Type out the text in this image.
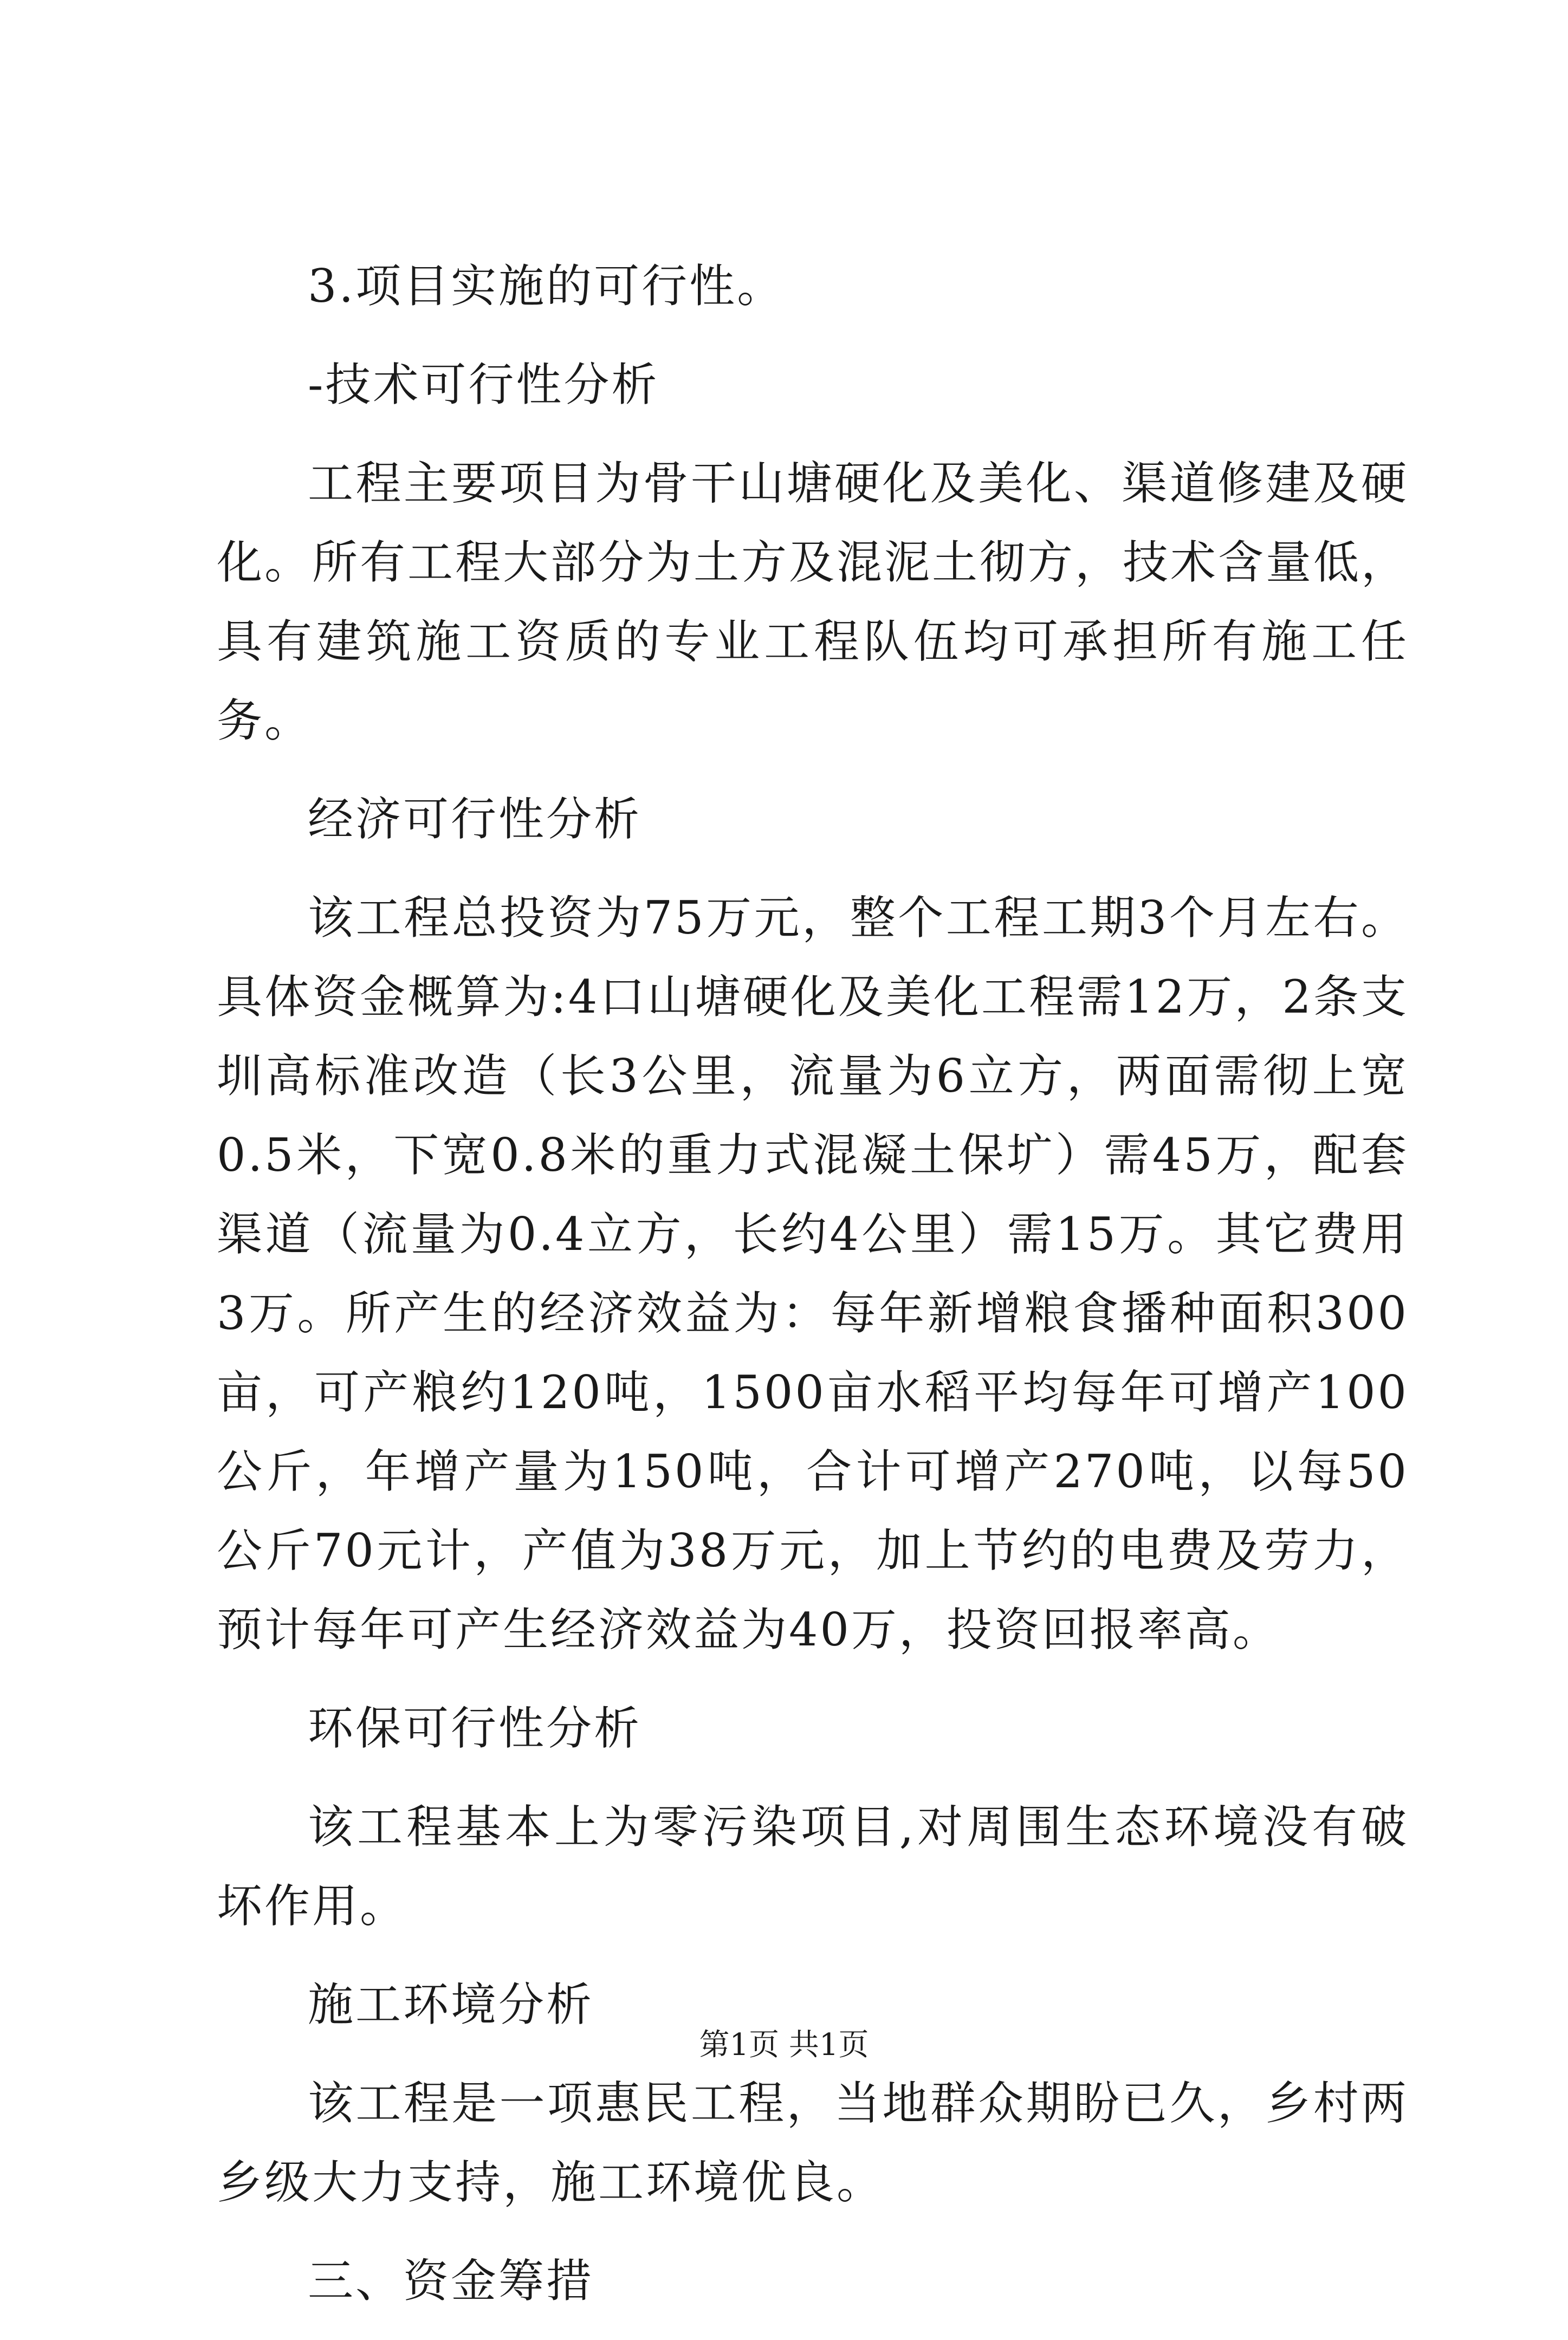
3.项目实施的可行性。

-技术可行性分析

工程主要项目为骨干山塘硬化及美化、渠道修建及硬化。所有工程大部分为土方及混泥土彻方，技术含量低，具有建筑施工资质的专业工程队伍均可承担所有施工任务。

经济可行性分析

该工程总投资为75万元，整个工程工期3个月左右。具体资金概算为:4口山塘硬化及美化工程需12万，2条支圳高标准改造（长3公里，流量为6立方，两面需彻上宽0.5米，下宽0.8米的重力式混凝土保圹）需45万，配套渠道（流量为0.4立方，长约4公里）需15万。其它费用3万。所产生的经济效益为：每年新增粮食播种面积300亩，可产粮约120吨，1500亩水稻平均每年可增产100公斤，年增产量为150吨，合计可增产270吨，以每50公斤70元计，产值为38万元，加上节约的电费及劳力，预计每年可产生经济效益为40万，投资回报率高。

环保可行性分析

该工程基本上为零污染项目,对周围生态环境没有破坏作用。

施工环境分析

该工程是一项惠民工程，当地群众期盼已久，乡村两乡级大力支持，施工环境优良。

三、资金筹措

第1页 共1页
